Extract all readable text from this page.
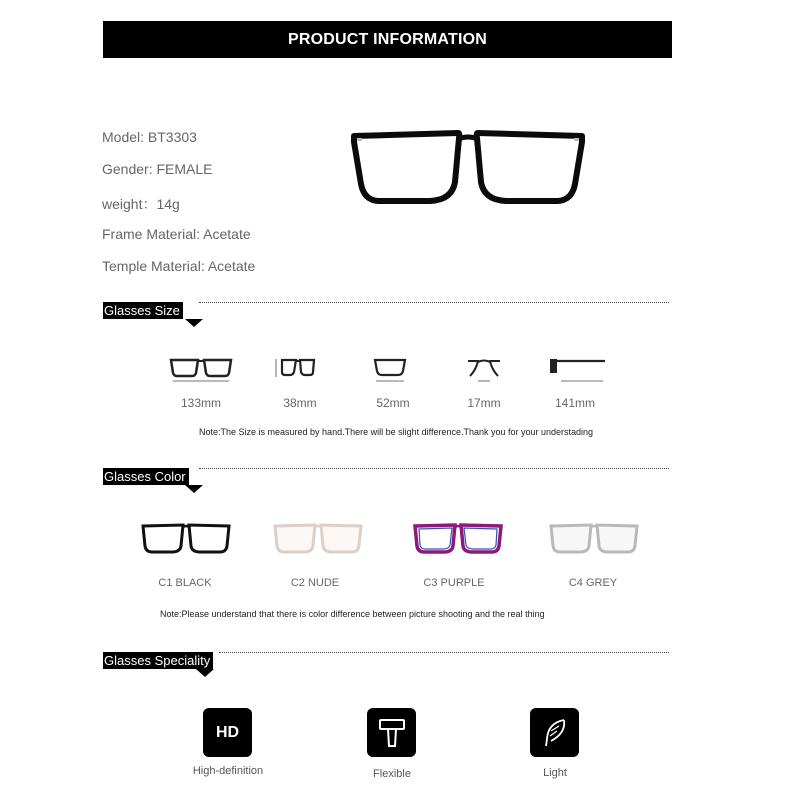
PRODUCT INFORMATION
Model: BT3303
Gender: FEMALE
weight：14g
Frame Material: Acetate
Temple Material: Acetate
Glasses Size
133mm	38mm	52mm	17mm	141mm
Note:The Size is measured by hand.There will be slight difference.Thank you for your understading
Glasses Color
C1 BLACK	C2 NUDE	C3 PURPLE	C4 GREY
Note:Please understand that there is color difference between picture shooting and the real thing
Glasses Speciality
HD
High-definition	Flexible	Light
